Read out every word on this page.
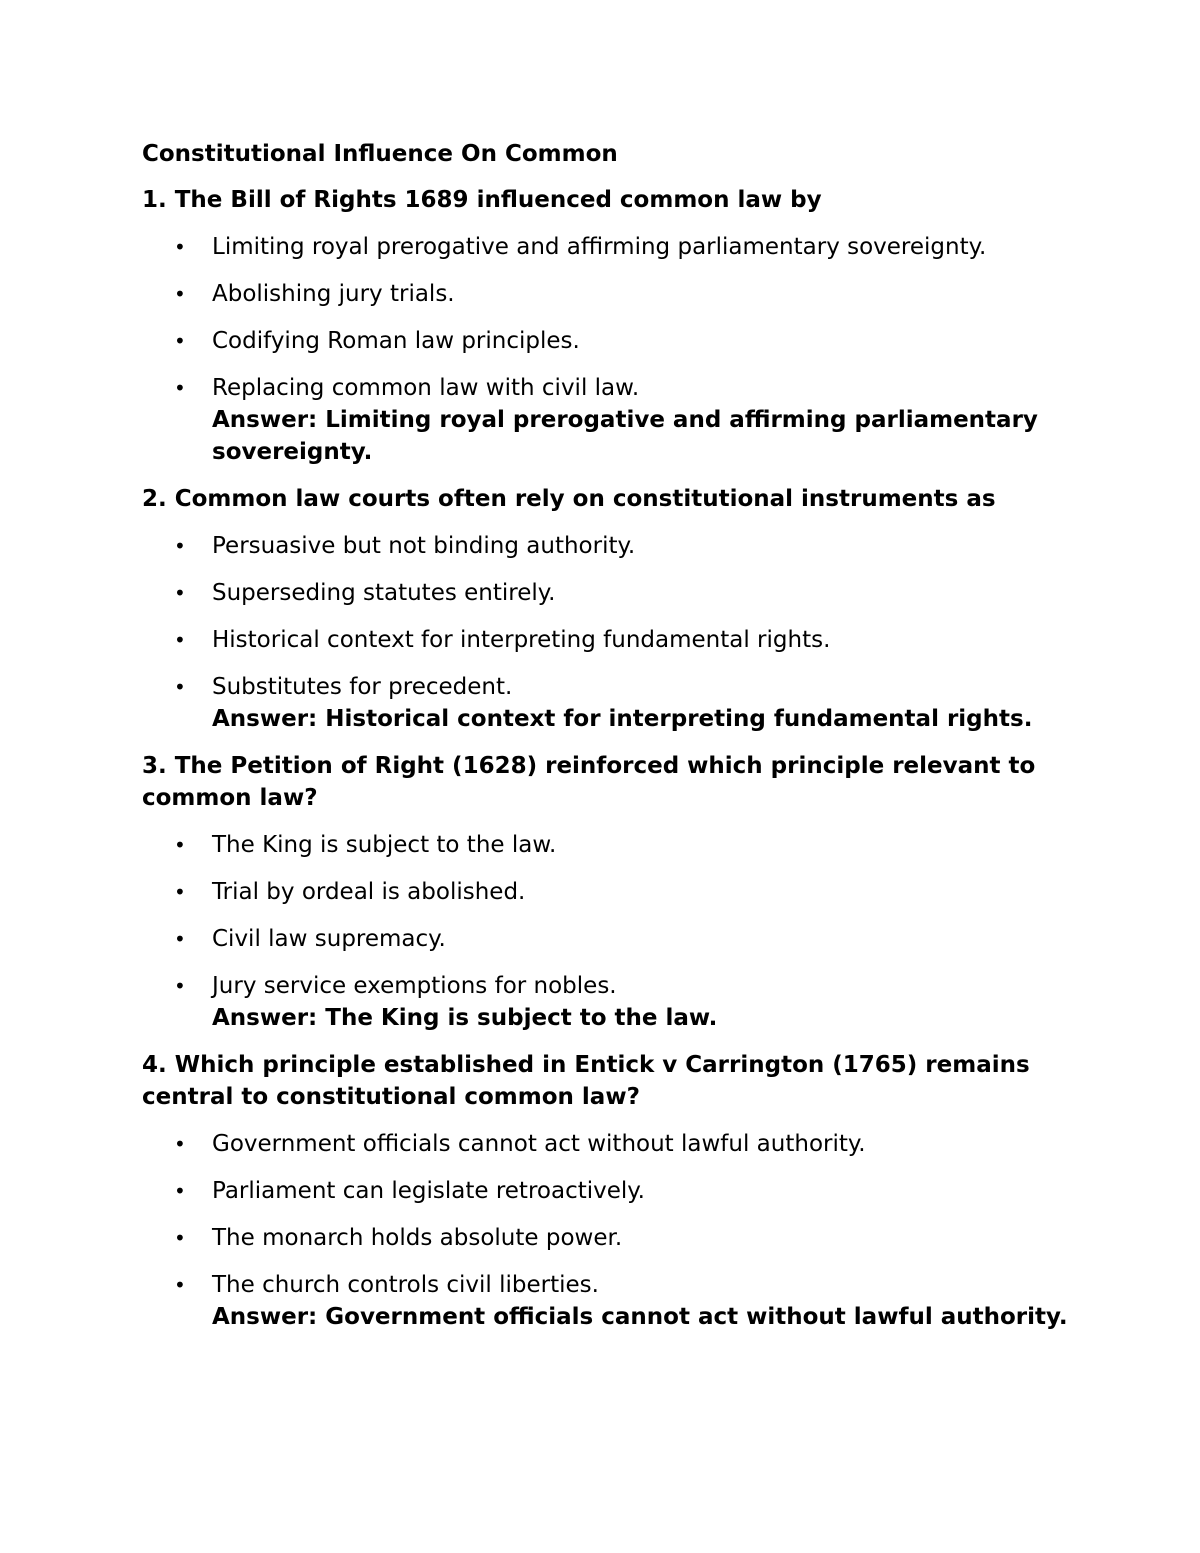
Constitutional Influence On Common
1. The Bill of Rights 1689 influenced common law by
• Limiting royal prerogative and affirming parliamentary sovereignty.
• Abolishing jury trials.
• Codifying Roman law principles.
• Replacing common law with civil law.
Answer: Limiting royal prerogative and affirming parliamentary sovereignty.
2. Common law courts often rely on constitutional instruments as
• Persuasive but not binding authority.
• Superseding statutes entirely.
• Historical context for interpreting fundamental rights.
• Substitutes for precedent.
Answer: Historical context for interpreting fundamental rights.
3. The Petition of Right (1628) reinforced which principle relevant to common law?
• The King is subject to the law.
• Trial by ordeal is abolished.
• Civil law supremacy.
• Jury service exemptions for nobles.
Answer: The King is subject to the law.
4. Which principle established in Entick v Carrington (1765) remains central to constitutional common law?
• Government officials cannot act without lawful authority.
• Parliament can legislate retroactively.
• The monarch holds absolute power.
• The church controls civil liberties.
Answer: Government officials cannot act without lawful authority.
